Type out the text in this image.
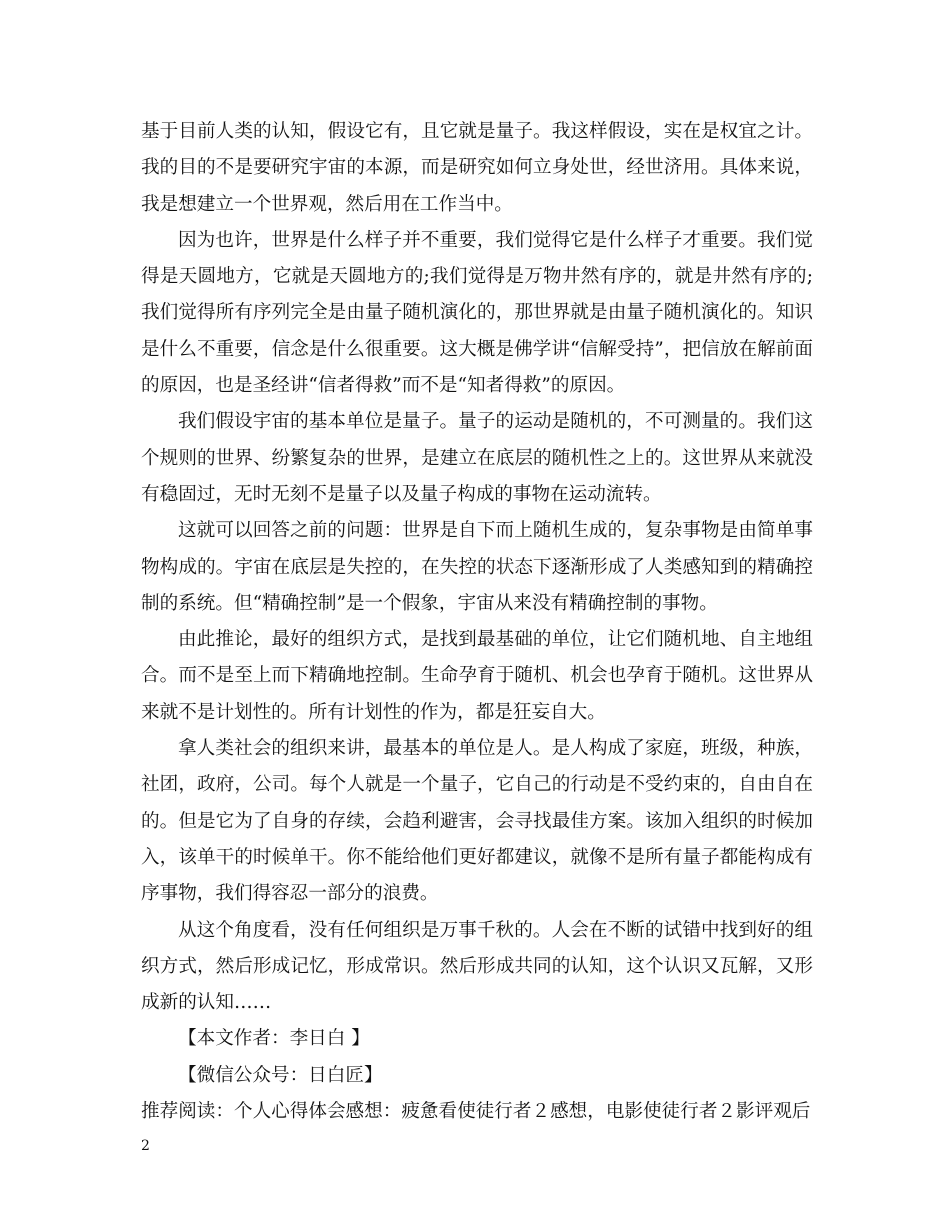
基于目前人类的认知，假设它有，且它就是量子。我这样假设，实在是权宜之计。我的目的不是要研究宇宙的本源，而是研究如何立身处世，经世济用。具体来说，我是想建立一个世界观，然后用在工作当中。

因为也许，世界是什么样子并不重要，我们觉得它是什么样子才重要。我们觉得是天圆地方，它就是天圆地方的;我们觉得是万物井然有序的，就是井然有序的;我们觉得所有序列完全是由量子随机演化的，那世界就是由量子随机演化的。知识是什么不重要，信念是什么很重要。这大概是佛学讲“信解受持”，把信放在解前面的原因，也是圣经讲“信者得救”而不是“知者得救”的原因。

我们假设宇宙的基本单位是量子。量子的运动是随机的，不可测量的。我们这个规则的世界、纷繁复杂的世界，是建立在底层的随机性之上的。这世界从来就没有稳固过，无时无刻不是量子以及量子构成的事物在运动流转。

这就可以回答之前的问题：世界是自下而上随机生成的，复杂事物是由简单事物构成的。宇宙在底层是失控的，在失控的状态下逐渐形成了人类感知到的精确控制的系统。但“精确控制”是一个假象，宇宙从来没有精确控制的事物。

由此推论，最好的组织方式，是找到最基础的单位，让它们随机地、自主地组合。而不是至上而下精确地控制。生命孕育于随机、机会也孕育于随机。这世界从来就不是计划性的。所有计划性的作为，都是狂妄自大。

拿人类社会的组织来讲，最基本的单位是人。是人构成了家庭，班级，种族，社团，政府，公司。每个人就是一个量子，它自己的行动是不受约束的，自由自在的。但是它为了自身的存续，会趋利避害，会寻找最佳方案。该加入组织的时候加入，该单干的时候单干。你不能给他们更好都建议，就像不是所有量子都能构成有序事物，我们得容忍一部分的浪费。

从这个角度看，没有任何组织是万事千秋的。人会在不断的试错中找到好的组织方式，然后形成记忆，形成常识。然后形成共同的认知，这个认识又瓦解，又形成新的认知……

【本文作者：李日白 】

【微信公众号：日白匠】

推荐阅读：个人心得体会感想：疲惫看使徒行者２感想，电影使徒行者２影评观后

2
